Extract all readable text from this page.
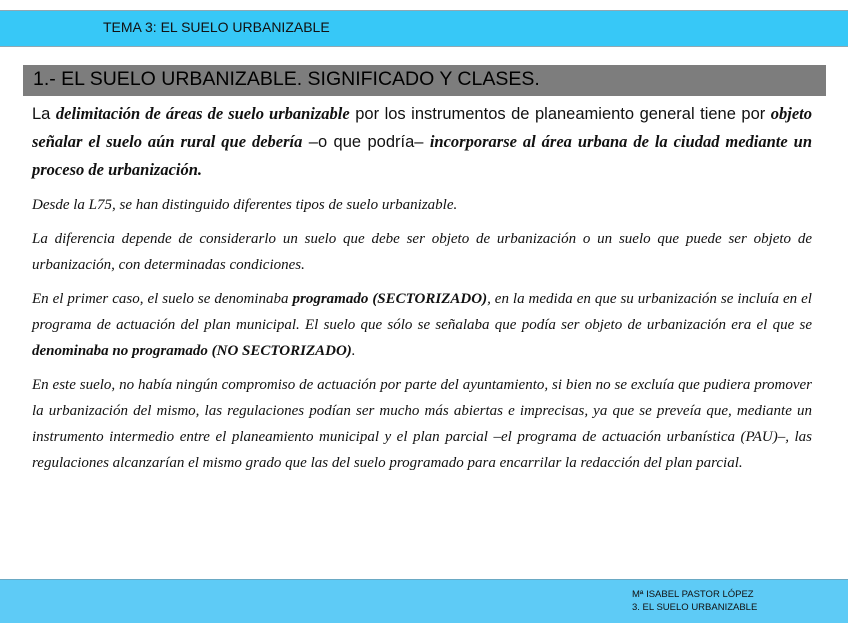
TEMA 3: EL SUELO URBANIZABLE
1.- EL SUELO URBANIZABLE. SIGNIFICADO Y CLASES.

La delimitación de áreas de suelo urbanizable por los instrumentos de planeamiento general tiene por objeto señalar el suelo aún rural que debería –o que podría– incorporarse al área urbana de la ciudad mediante un proceso de urbanización.

Desde la L75, se han distinguido diferentes tipos de suelo urbanizable.

La diferencia depende de considerarlo un suelo que debe ser objeto de urbanización o un suelo que puede ser objeto de urbanización, con determinadas condiciones.

En el primer caso, el suelo se denominaba programado (SECTORIZADO), en la medida en que su urbanización se incluía en el programa de actuación del plan municipal. El suelo que sólo se señalaba que podía ser objeto de urbanización era el que se denominaba no programado (NO SECTORIZADO).

En este suelo, no había ningún compromiso de actuación por parte del ayuntamiento, si bien no se excluía que pudiera promover la urbanización del mismo, las regulaciones podían ser mucho más abiertas e imprecisas, ya que se preveía que, mediante un instrumento intermedio entre el planeamiento municipal y el plan parcial –el programa de actuación urbanística (PAU)–, las regulaciones alcanzarían el mismo grado que las del suelo programado para encarrilar la redacción del plan parcial.

Mª ISABEL PASTOR LÓPEZ
3. EL SUELO URBANIZABLE
